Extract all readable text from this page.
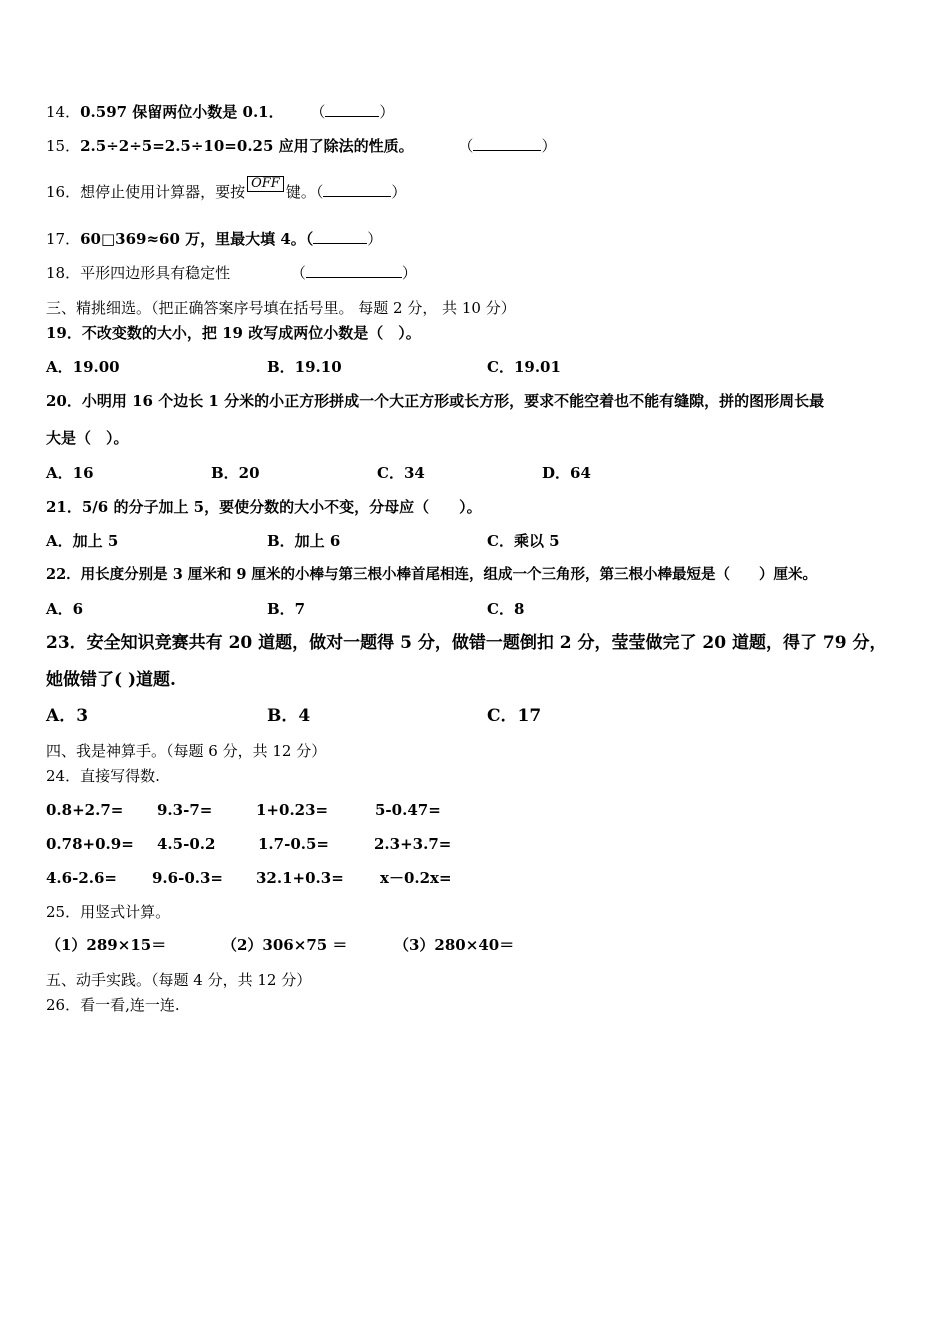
14．0.597 保留两位小数是 0.1． （	）
15．2.5÷2÷5=2.5÷10=0.25 应用了除法的性质。	（	）
16．想停止使用计算器，要按 OFF 键。（	）
17．60□369≈60 万，里最大填 4。（	）
18．平形四边形具有稳定性	（	）
三、精挑细选。（把正确答案序号填在括号里。 每题 2 分， 共 10 分）
19．不改变数的大小，把 19 改写成两位小数是（　）。
A．19.00	B．19.10	C．19.01
20．小明用 16 个边长 1 分米的小正方形拼成一个大正方形或长方形，要求不能空着也不能有缝隙，拼的图形周长最
大是（　）。
A．16	B．20	C．34	D．64
21．5/6 的分子加上 5，要使分数的大小不变，分母应（　　）。
A．加上 5	B．加上 6	C．乘以 5
22．用长度分别是 3 厘米和 9 厘米的小棒与第三根小棒首尾相连，组成一个三角形，第三根小棒最短是（　　）厘米。
A．6	B．7	C．8
23．安全知识竞赛共有 20 道题，做对一题得 5 分，做错一题倒扣 2 分，莹莹做完了 20 道题，得了 79 分，
她做错了( )道题.
A．3	B．4	C．17
四、我是神算手。（每题 6 分，共 12 分）
24．直接写得数.
0.8+2.7= 9.3-7=	1+0.23=	5-0.47=
0.78+0.9= 4.5-0.2	1.7-0.5=	2.3+3.7=
4.6-2.6= 9.6-0.3= 32.1+0.3= x－0.2x=
25．用竖式计算。
（1）289×15＝	（2）306×75 ＝	（3）280×40＝
五、动手实践。（每题 4 分，共 12 分）
26．看一看,连一连.
